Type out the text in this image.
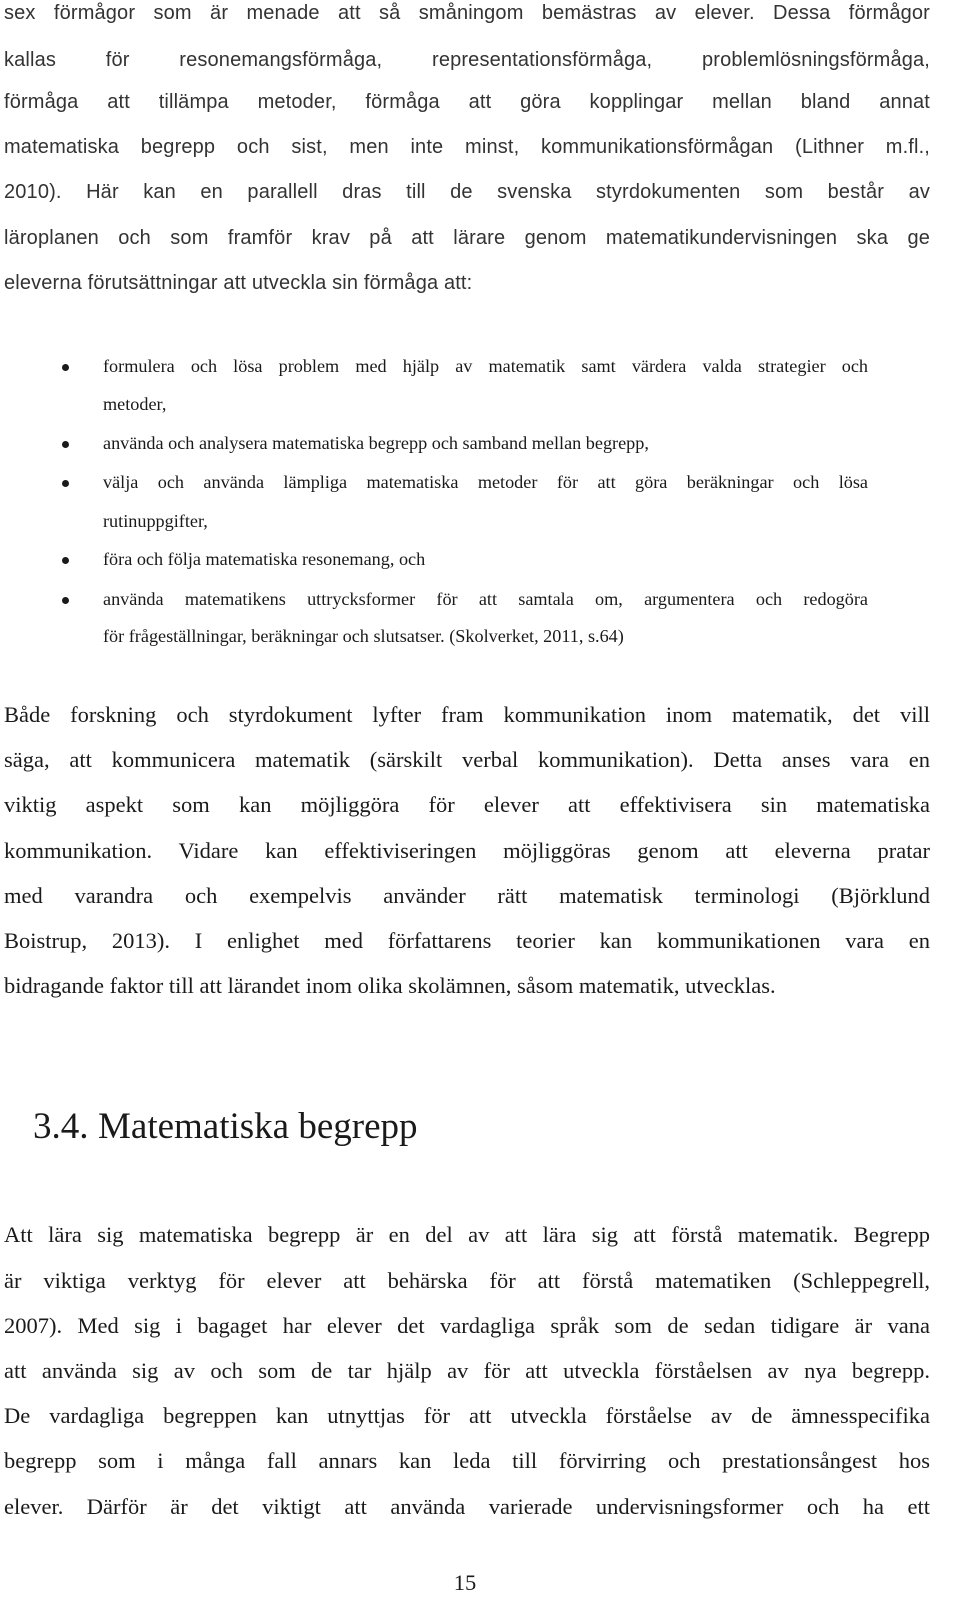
sex förmågor som är menade att så småningom bemästras av elever. Dessa förmågor
kallas för resonemangsförmåga, representationsförmåga, problemlösningsförmåga,
förmåga att tillämpa metoder, förmåga att göra kopplingar mellan bland annat
matematiska begrepp och sist, men inte minst, kommunikationsförmågan (Lithner m.fl.,
2010). Här kan en parallell dras till de svenska styrdokumenten som består av
läroplanen och som framför krav på att lärare genom matematikundervisningen ska ge
eleverna förutsättningar att utveckla sin förmåga att:
formulera och lösa problem med hjälp av matematik samt värdera valda strategier och
metoder,
använda och analysera matematiska begrepp och samband mellan begrepp,
välja och använda lämpliga matematiska metoder för att göra beräkningar och lösa
rutinuppgifter,
föra och följa matematiska resonemang, och
använda matematikens uttrycksformer för att samtala om, argumentera och redogöra
för frågeställningar, beräkningar och slutsatser. (Skolverket, 2011, s.64)
Både forskning och styrdokument lyfter fram kommunikation inom matematik, det vill
säga, att kommunicera matematik (särskilt verbal kommunikation). Detta anses vara en
viktig aspekt som kan möjliggöra för elever att effektivisera sin matematiska
kommunikation. Vidare kan effektiviseringen möjliggöras genom att eleverna pratar
med varandra och exempelvis använder rätt matematisk terminologi (Björklund
Boistrup, 2013). I enlighet med författarens teorier kan kommunikationen vara en
bidragande faktor till att lärandet inom olika skolämnen, såsom matematik, utvecklas.
3.4. Matematiska begrepp
Att lära sig matematiska begrepp är en del av att lära sig att förstå matematik. Begrepp
är viktiga verktyg för elever att behärska för att förstå matematiken (Schleppegrell,
2007). Med sig i bagaget har elever det vardagliga språk som de sedan tidigare är vana
att använda sig av och som de tar hjälp av för att utveckla förståelsen av nya begrepp.
De vardagliga begreppen kan utnyttjas för att utveckla förståelse av de ämnesspecifika
begrepp som i många fall annars kan leda till förvirring och prestationsångest hos
elever. Därför är det viktigt att använda varierade undervisningsformer och ha ett
15
